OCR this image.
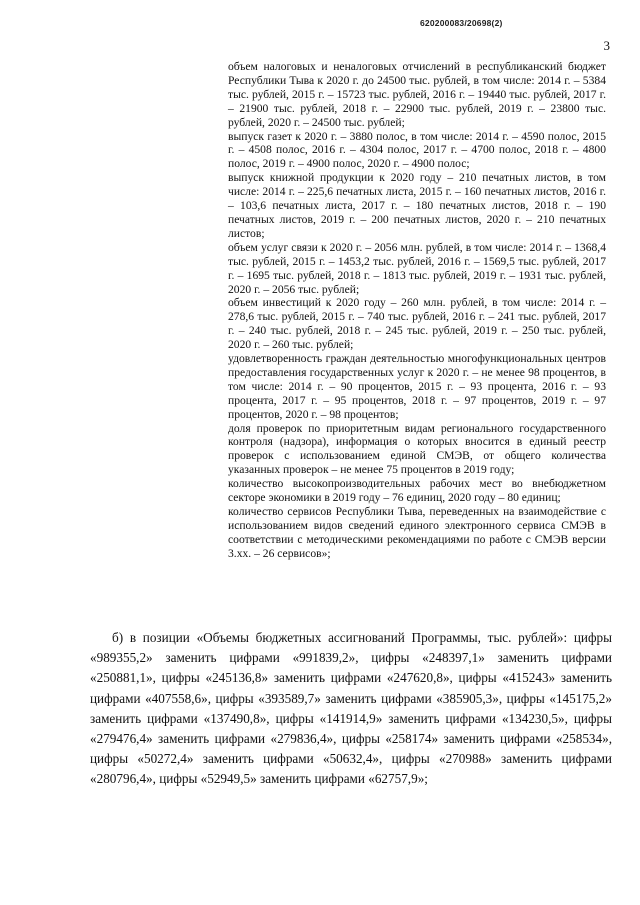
620200083/20698(2)
3

объем налоговых и неналоговых отчислений в республиканский бюджет Республики Тыва к 2020 г. до 24500 тыс. рублей, в том числе: 2014 г. – 5384 тыс. рублей, 2015 г. – 15723 тыс. рублей, 2016 г. – 19440 тыс. рублей, 2017 г. – 21900 тыс. рублей, 2018 г. – 22900 тыс. рублей, 2019 г. – 23800 тыс. рублей, 2020 г. – 24500 тыс. рублей;

выпуск газет к 2020 г. – 3880 полос, в том числе: 2014 г. – 4590 полос, 2015 г. – 4508 полос, 2016 г. – 4304 полос, 2017 г. – 4700 полос, 2018 г. – 4800 полос, 2019 г. – 4900 полос, 2020 г. – 4900 полос;

выпуск книжной продукции к 2020 году – 210 печатных листов, в том числе: 2014 г. – 225,6 печатных листа, 2015 г. – 160 печатных листов, 2016 г. – 103,6 печатных листа, 2017 г. – 180 печатных листов, 2018 г. – 190 печатных листов, 2019 г. – 200 печатных листов, 2020 г. – 210 печатных листов;

объем услуг связи к 2020 г. – 2056 млн. рублей, в том числе: 2014 г. – 1368,4 тыс. рублей, 2015 г. – 1453,2 тыс. рублей, 2016 г. – 1569,5 тыс. рублей, 2017 г. – 1695 тыс. рублей, 2018 г. – 1813 тыс. рублей, 2019 г. – 1931 тыс. рублей, 2020 г. – 2056 тыс. рублей;

объем инвестиций к 2020 году – 260 млн. рублей, в том числе: 2014 г. – 278,6 тыс. рублей, 2015 г. – 740 тыс. рублей, 2016 г. – 241 тыс. рублей, 2017 г. – 240 тыс. рублей, 2018 г. – 245 тыс. рублей, 2019 г. – 250 тыс. рублей, 2020 г. – 260 тыс. рублей;

удовлетворенность граждан деятельностью многофункциональных центров предоставления государственных услуг к 2020 г. – не менее 98 процентов, в том числе: 2014 г. – 90 процентов, 2015 г. – 93 процента, 2016 г. – 93 процента, 2017 г. – 95 процентов, 2018 г. – 97 процентов, 2019 г. – 97 процентов, 2020 г. – 98 процентов;

доля проверок по приоритетным видам регионального государственного контроля (надзора), информация о которых вносится в единый реестр проверок с использованием единой СМЭВ, от общего количества указанных проверок – не менее 75 процентов в 2019 году;

количество высокопроизводительных рабочих мест во внебюджетном секторе экономики в 2019 году – 76 единиц, 2020 году – 80 единиц;

количество сервисов Республики Тыва, переведенных на взаимодействие с использованием видов сведений единого электронного сервиса СМЭВ в соответствии с методическими рекомендациями по работе с СМЭВ версии 3.хх. – 26 сервисов»;

б) в позиции «Объемы бюджетных ассигнований Программы, тыс. рублей»: цифры «989355,2» заменить цифрами «991839,2», цифры «248397,1» заменить цифрами «250881,1», цифры «245136,8» заменить цифрами «247620,8», цифры «415243» заменить цифрами «407558,6», цифры «393589,7» заменить цифрами «385905,3», цифры «145175,2» заменить цифрами «137490,8», цифры «141914,9» заменить цифрами «134230,5», цифры «279476,4» заменить цифрами «279836,4», цифры «258174» заменить цифрами «258534», цифры «50272,4» заменить цифрами «50632,4», цифры «270988» заменить цифрами «280796,4», цифры «52949,5» заменить цифрами «62757,9»;
